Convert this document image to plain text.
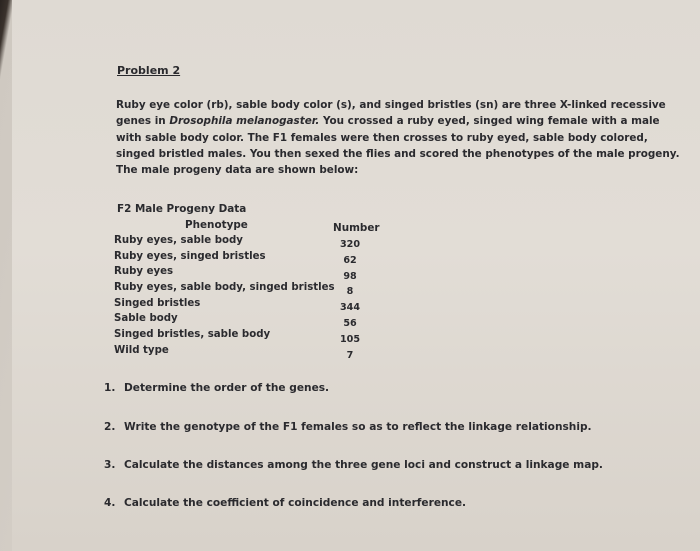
Problem 2
Ruby eye color (rb), sable body color (s), and singed bristles (sn) are three X-linked recessive
genes in Drosophila melanogaster. You crossed a ruby eyed, singed wing female with a male
with sable body color. The F1 females were then crosses to ruby eyed, sable body colored,
singed bristled males. You then sexed the flies and scored the phenotypes of the male progeny.
The male progeny data are shown below:
F2 Male Progeny Data
Phenotype	Number
Ruby eyes, sable body
Ruby eyes, singed bristles
Ruby eyes
Ruby eyes, sable body, singed bristles
Singed bristles
Sable body
Singed bristles, sable body
Wild type
320
62
98
8
344
56
105
7
1. Determine the order of the genes.
2. Write the genotype of the F1 females so as to reflect the linkage relationship.
3. Calculate the distances among the three gene loci and construct a linkage map.
4. Calculate the coefficient of coincidence and interference.
